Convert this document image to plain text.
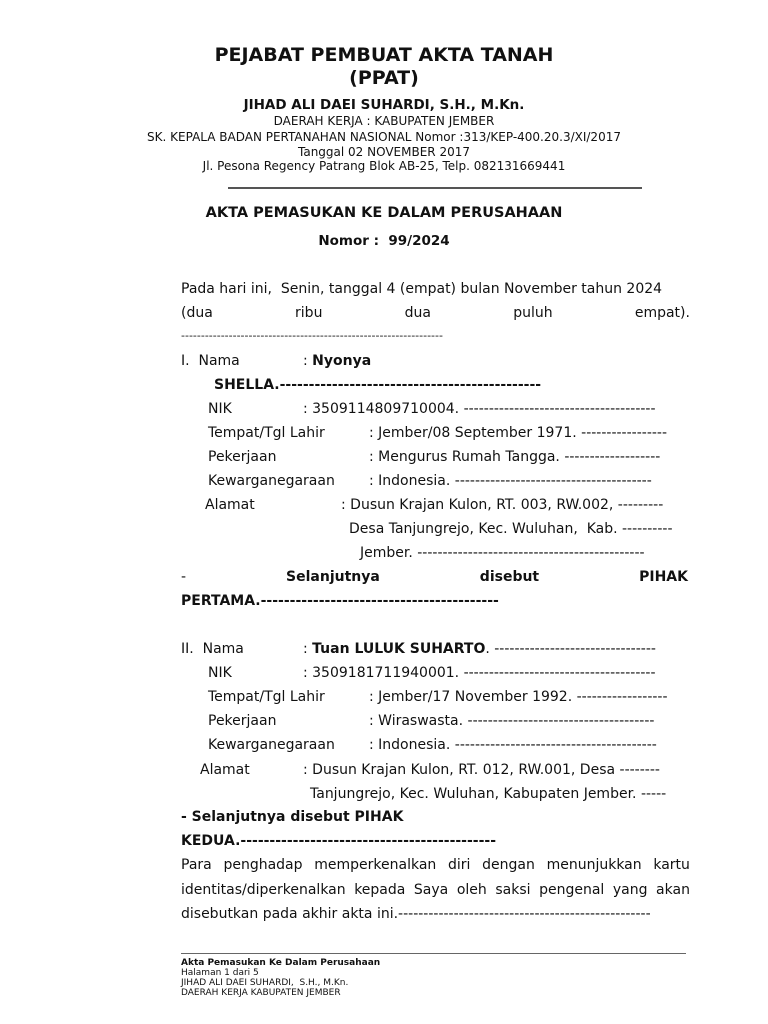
PEJABAT PEMBUAT AKTA TANAH
(PPAT)
JIHAD ALI DAEI SUHARDI, S.H., M.Kn.
DAERAH KERJA : KABUPATEN JEMBER
SK. KEPALA BADAN PERTANAHAN NASIONAL Nomor :313/KEP-400.20.3/XI/2017
Tanggal 02 NOVEMBER 2017
Jl. Pesona Regency Patrang Blok AB-25, Telp. 082131669441
AKTA PEMASUKAN KE DALAM PERUSAHAAN
Nomor :  99/2024
Pada hari ini,  Senin, tanggal 4 (empat) bulan November tahun 2024
(dua	ribu	dua	puluh	empat).
------------------------------------------------------------------
I.  Nama	: Nyonya
SHELLA.---------------------------------------------
NIK                : 3509114809710004. --------------------------------------
Tempat/Tgl Lahir	: Jember/08 September 1971. -----------------
Pekerjaan	: Mengurus Rumah Tangga. -------------------
Kewarganegaraan : Indonesia. ---------------------------------------
Alamat	: Dusun Krajan Kulon, RT. 003, RW.002, ---------
Desa Tanjungrejo, Kec. Wuluhan,  Kab. ----------
Jember. ---------------------------------------------
-	Selanjutnya	disebut	PIHAK
PERTAMA.-----------------------------------------
II.  Nama	: Tuan LULUK SUHARTO. --------------------------------
NIK                : 3509181711940001. --------------------------------------
Tempat/Tgl Lahir	: Jember/17 November 1992. ------------------
Pekerjaan	: Wiraswasta. -------------------------------------
Kewarganegaraan : Indonesia. ----------------------------------------
Alamat	: Dusun Krajan Kulon, RT. 012, RW.001, Desa --------
Tanjungrejo, Kec. Wuluhan, Kabupaten Jember. -----
- Selanjutnya disebut PIHAK
KEDUA.--------------------------------------------
Para penghadap memperkenalkan diri dengan menunjukkan kartu
identitas/diperkenalkan kepada Saya oleh saksi pengenal yang akan
disebutkan pada akhir akta ini.--------------------------------------------------
Akta Pemasukan Ke Dalam Perusahaan
Halaman 1 dari 5
JIHAD ALI DAEI SUHARDI,  S.H., M.Kn.
DAERAH KERJA KABUPATEN JEMBER
